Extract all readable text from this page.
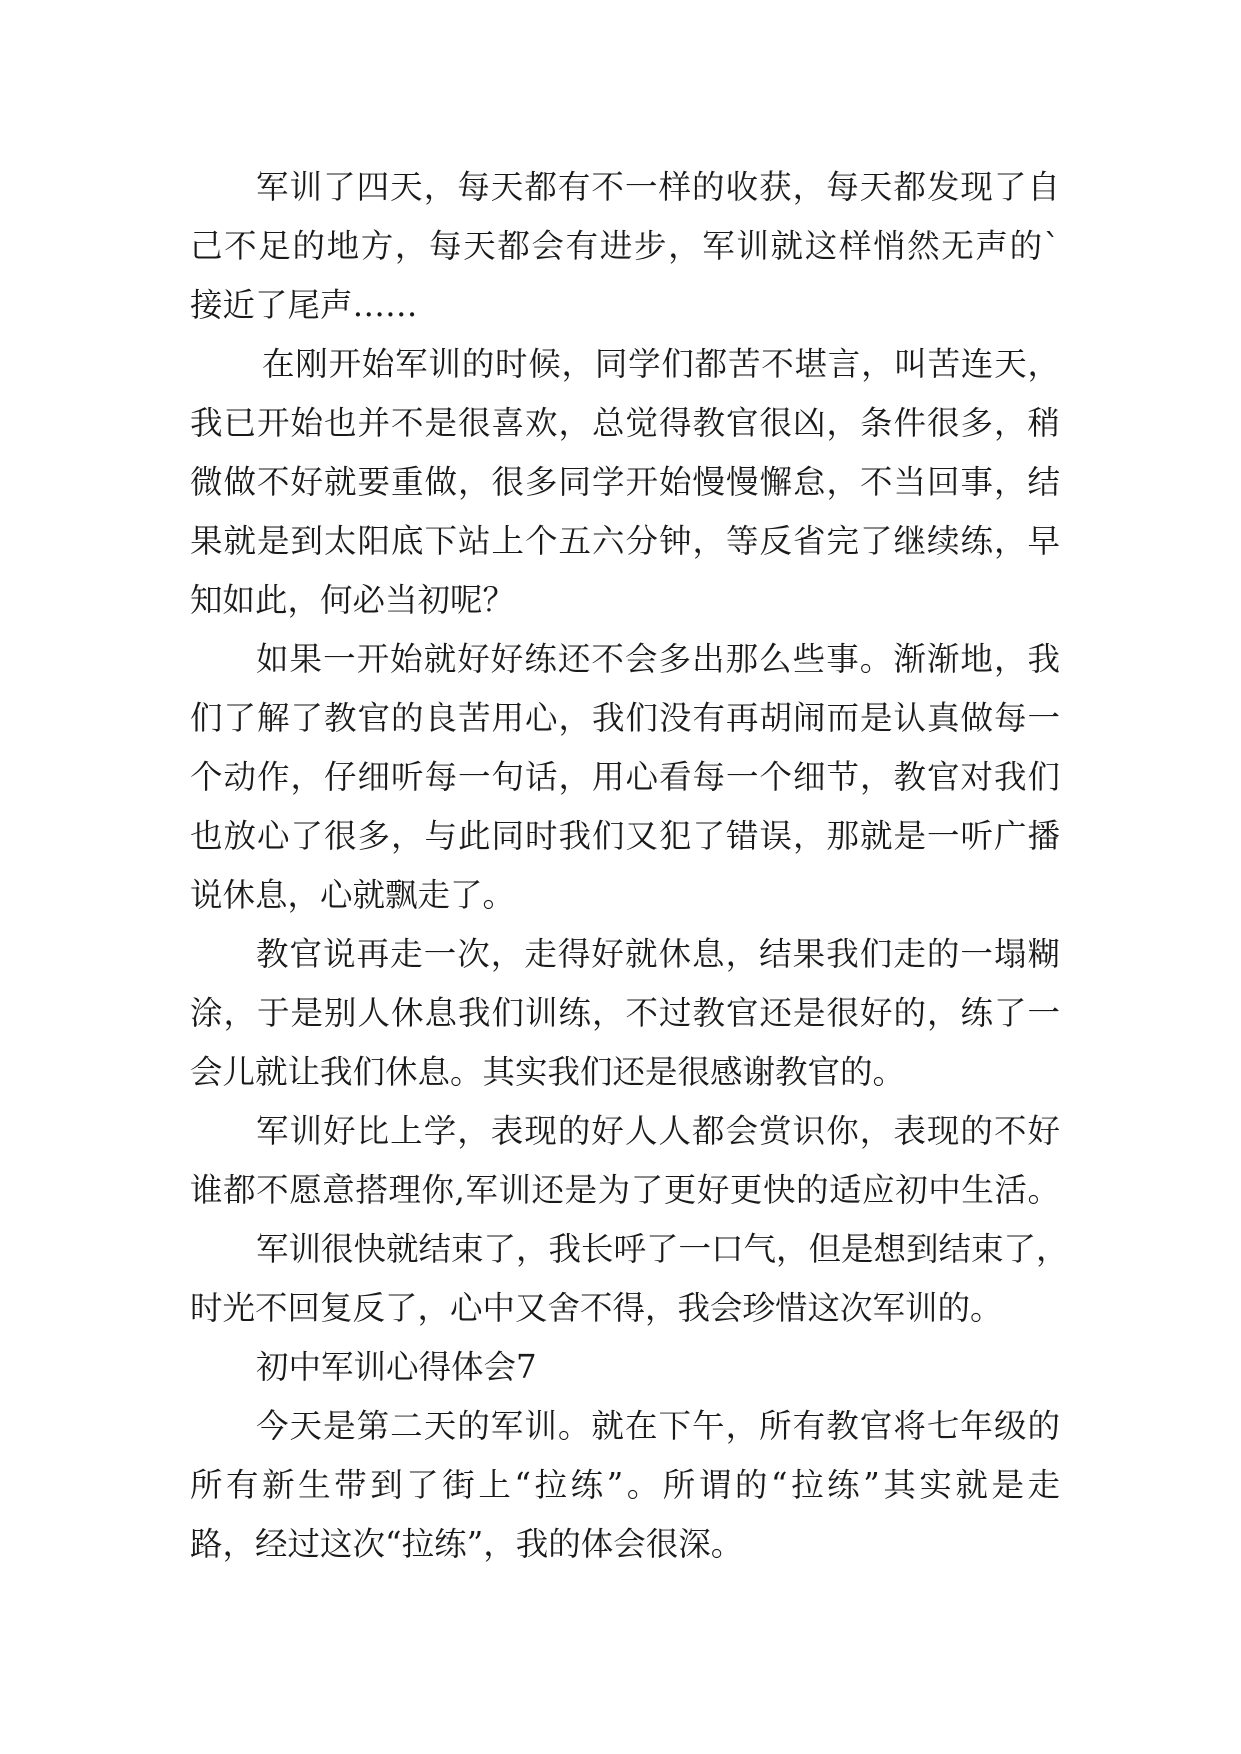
军训了四天，每天都有不一样的收获，每天都发现了自
己不足的地方，每天都会有进步，军训就这样悄然无声的`
接近了尾声……
在刚开始军训的时候，同学们都苦不堪言，叫苦连天，
我已开始也并不是很喜欢，总觉得教官很凶，条件很多，稍
微做不好就要重做，很多同学开始慢慢懈怠，不当回事，结
果就是到太阳底下站上个五六分钟，等反省完了继续练，早
知如此，何必当初呢？
如果一开始就好好练还不会多出那么些事。渐渐地，我
们了解了教官的良苦用心，我们没有再胡闹而是认真做每一
个动作，仔细听每一句话，用心看每一个细节，教官对我们
也放心了很多，与此同时我们又犯了错误，那就是一听广播
说休息，心就飘走了。
教官说再走一次，走得好就休息，结果我们走的一塌糊
涂，于是别人休息我们训练，不过教官还是很好的，练了一
会儿就让我们休息。其实我们还是很感谢教官的。
军训好比上学，表现的好人人都会赏识你，表现的不好
谁都不愿意搭理你,军训还是为了更好更快的适应初中生活。
军训很快就结束了，我长呼了一口气，但是想到结束了，
时光不回复反了，心中又舍不得，我会珍惜这次军训的。
初中军训心得体会7
今天是第二天的军训。就在下午，所有教官将七年级的
所有新生带到了街上“拉练”。所谓的“拉练”其实就是走
路，经过这次“拉练”，我的体会很深。
